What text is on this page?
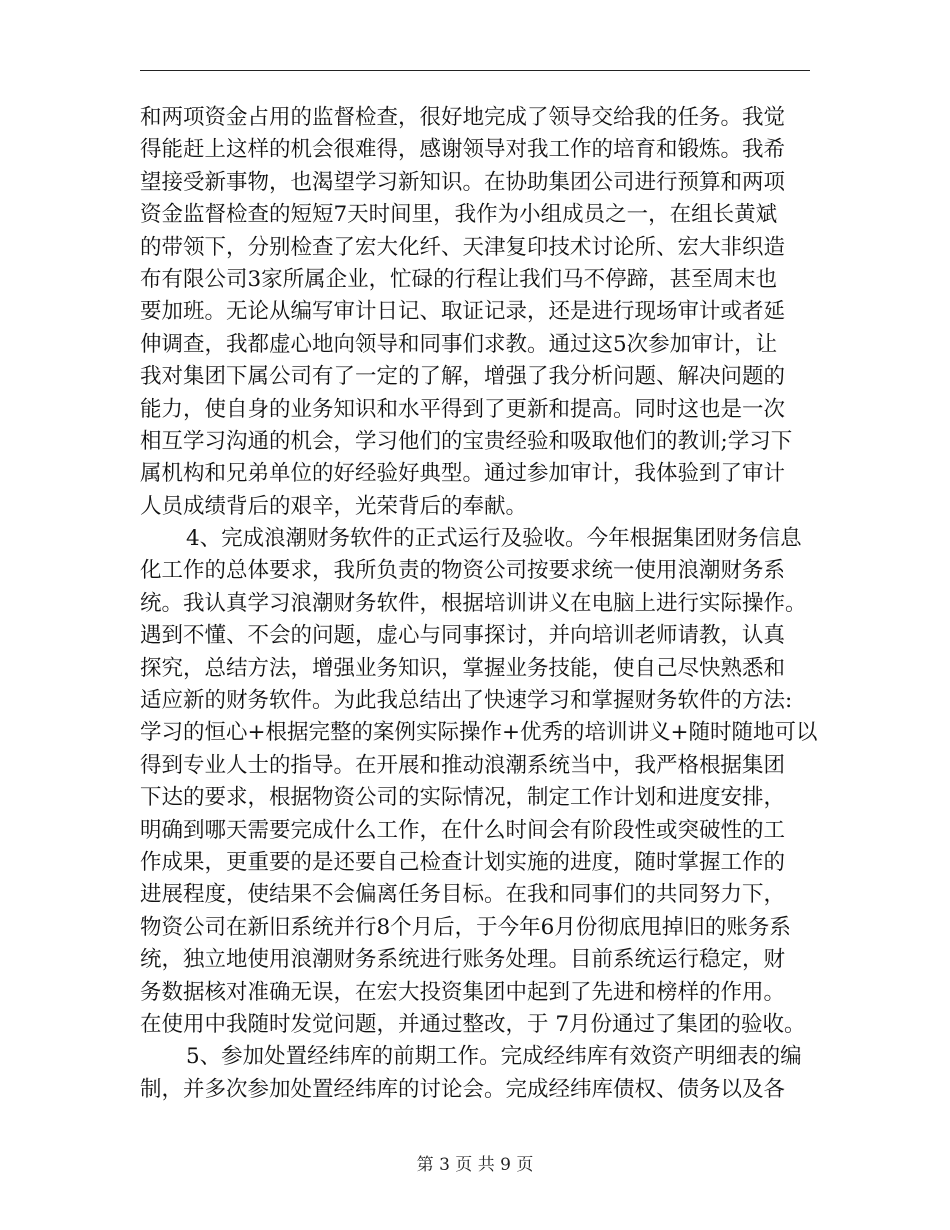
和两项资金占用的监督检查，很好地完成了领导交给我的任务。我觉
得能赶上这样的机会很难得，感谢领导对我工作的培育和锻炼。我希
望接受新事物，也渴望学习新知识。在协助集团公司进行预算和两项
资金监督检查的短短7天时间里，我作为小组成员之一，在组长黄斌
的带领下，分别检查了宏大化纤、天津复印技术讨论所、宏大非织造
布有限公司3家所属企业，忙碌的行程让我们马不停蹄，甚至周末也
要加班。无论从编写审计日记、取证记录，还是进行现场审计或者延
伸调查，我都虚心地向领导和同事们求教。通过这5次参加审计，让
我对集团下属公司有了一定的了解，增强了我分析问题、解决问题的
能力，使自身的业务知识和水平得到了更新和提高。同时这也是一次
相互学习沟通的机会，学习他们的宝贵经验和吸取他们的教训;学习下
属机构和兄弟单位的好经验好典型。通过参加审计，我体验到了审计
人员成绩背后的艰辛，光荣背后的奉献。
4、完成浪潮财务软件的正式运行及验收。今年根据集团财务信息
化工作的总体要求，我所负责的物资公司按要求统一使用浪潮财务系
统。我认真学习浪潮财务软件，根据培训讲义在电脑上进行实际操作。
遇到不懂、不会的问题，虚心与同事探讨，并向培训老师请教，认真
探究，总结方法，增强业务知识，掌握业务技能，使自己尽快熟悉和
适应新的财务软件。为此我总结出了快速学习和掌握财务软件的方法:
学习的恒心+根据完整的案例实际操作+优秀的培训讲义+随时随地可以
得到专业人士的指导。在开展和推动浪潮系统当中，我严格根据集团
下达的要求，根据物资公司的实际情况，制定工作计划和进度安排，
明确到哪天需要完成什么工作，在什么时间会有阶段性或突破性的工
作成果，更重要的是还要自己检查计划实施的进度，随时掌握工作的
进展程度，使结果不会偏离任务目标。在我和同事们的共同努力下，
物资公司在新旧系统并行8个月后，于今年6月份彻底甩掉旧的账务系
统，独立地使用浪潮财务系统进行账务处理。目前系统运行稳定，财
务数据核对准确无误，在宏大投资集团中起到了先进和榜样的作用。
在使用中我随时发觉问题，并通过整改，于 7月份通过了集团的验收。
5、参加处置经纬库的前期工作。完成经纬库有效资产明细表的编
制，并多次参加处置经纬库的讨论会。完成经纬库债权、债务以及各
第 3 页 共 9 页
